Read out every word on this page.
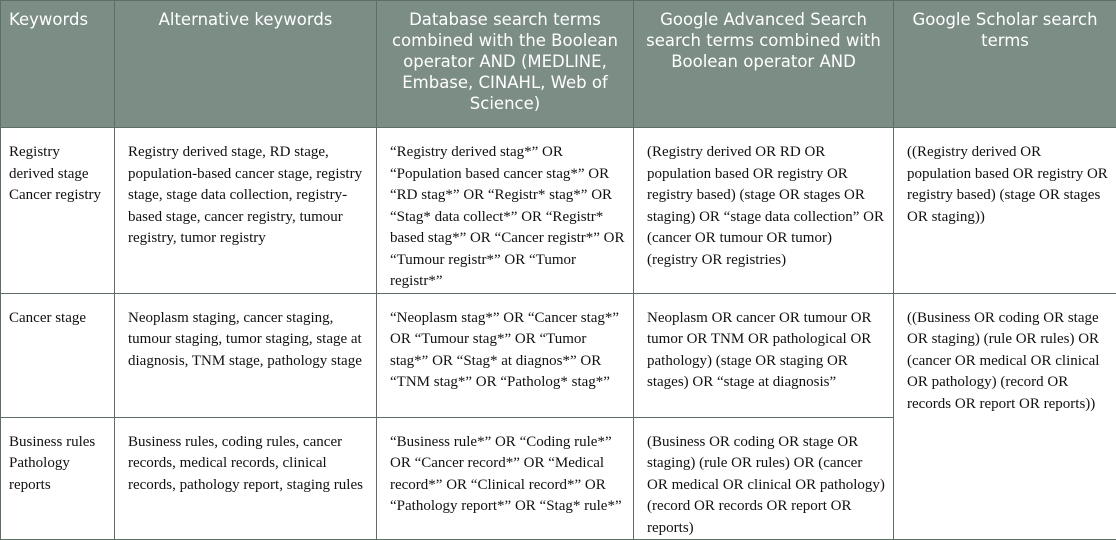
Keywords	Alternative keywords	Database search terms combined with the Boolean operator AND (MEDLINE, Embase, CINAHL, Web of Science)	Google Advanced Search search terms combined with Boolean operator AND	Google Scholar search terms
Registry derived stage Cancer registry	Registry derived stage, RD stage, population-based cancer stage, registry stage, stage data collection, registry-based stage, cancer registry, tumour registry, tumor registry	“Registry derived stag*” OR “Population based cancer stag*” OR “RD stag*” OR “Registr* stag*” OR “Stag* data collect*” OR “Registr* based stag*” OR “Cancer registr*” OR “Tumour registr*” OR “Tumor registr*”	(Registry derived OR RD OR population based OR registry OR registry based) (stage OR stages OR staging) OR “stage data collection” OR (cancer OR tumour OR tumor) (registry OR registries)	((Registry derived OR population based OR registry OR registry based) (stage OR stages OR staging))
Cancer stage	Neoplasm staging, cancer staging, tumour staging, tumor staging, stage at diagnosis, TNM stage, pathology stage	“Neoplasm stag*” OR “Cancer stag*” OR “Tumour stag*” OR “Tumor stag*” OR “Stag* at diagnos*” OR “TNM stag*” OR “Patholog* stag*”	Neoplasm OR cancer OR tumour OR tumor OR TNM OR pathological OR pathology) (stage OR staging OR stages) OR “stage at diagnosis”	((Business OR coding OR stage OR staging) (rule OR rules) OR (cancer OR medical OR clinical OR pathology) (record OR records OR report OR reports))
Business rules Pathology reports	Business rules, coding rules, cancer records, medical records, clinical records, pathology report, staging rules	“Business rule*” OR “Coding rule*” OR “Cancer record*” OR “Medical record*” OR “Clinical record*” OR “Pathology report*” OR “Stag* rule*”	(Business OR coding OR stage OR staging) (rule OR rules) OR (cancer OR medical OR clinical OR pathology) (record OR records OR report OR reports)	
